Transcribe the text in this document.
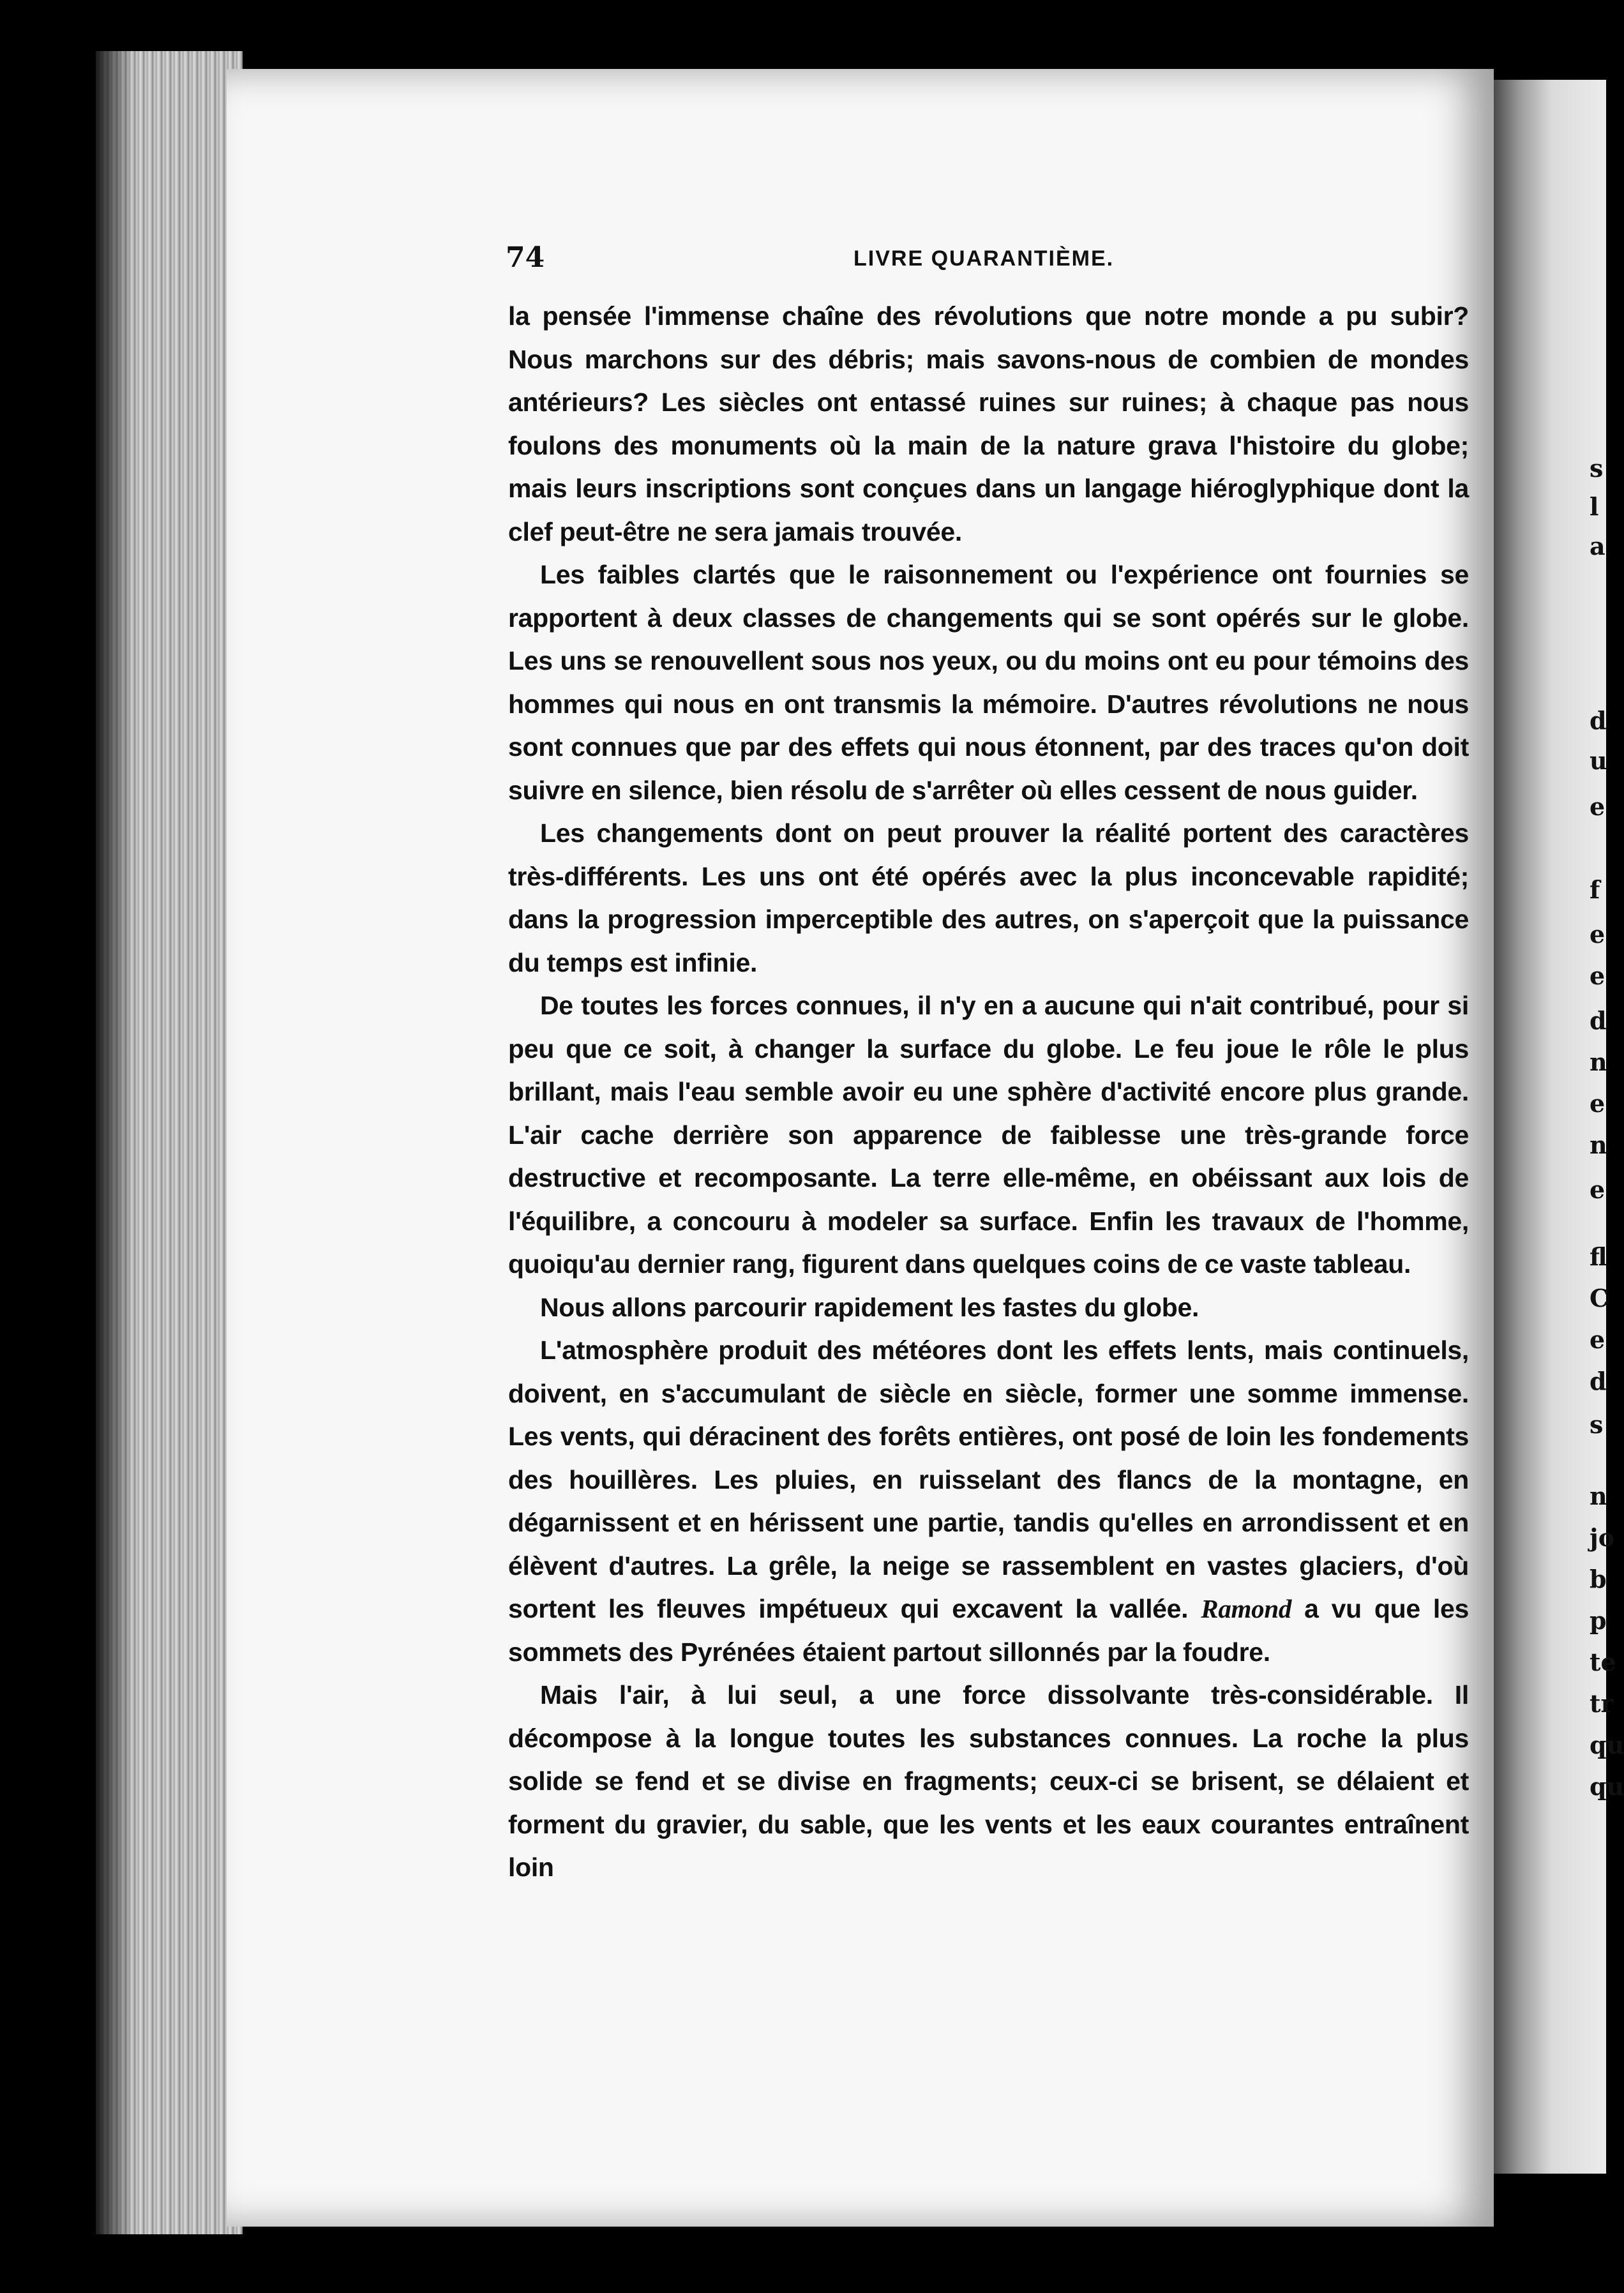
s
l
a
d
u
e
f
e
e
d
n
e
n
e
fl
C
e
d
s
n
jo
b
p
te
tr
qu
qu
74	LIVRE QUARANTIÈME.

la pensée l'immense chaîne des révolutions que notre monde a pu subir? Nous marchons sur des débris; mais savons-nous de combien de mondes antérieurs? Les siècles ont entassé ruines sur ruines; à chaque pas nous foulons des monuments où la main de la nature grava l'histoire du globe; mais leurs inscriptions sont conçues dans un langage hiéroglyphique dont la clef peut-être ne sera jamais trouvée.

Les faibles clartés que le raisonnement ou l'expérience ont fournies se rapportent à deux classes de changements qui se sont opérés sur le globe. Les uns se renouvellent sous nos yeux, ou du moins ont eu pour témoins des hommes qui nous en ont transmis la mémoire. D'autres révolutions ne nous sont connues que par des effets qui nous étonnent, par des traces qu'on doit suivre en silence, bien résolu de s'arrêter où elles cessent de nous guider.

Les changements dont on peut prouver la réalité portent des caractères très-différents. Les uns ont été opérés avec la plus inconcevable rapidité; dans la progression imperceptible des autres, on s'aperçoit que la puissance du temps est infinie.

De toutes les forces connues, il n'y en a aucune qui n'ait contribué, pour si peu que ce soit, à changer la surface du globe. Le feu joue le rôle le plus brillant, mais l'eau semble avoir eu une sphère d'activité encore plus grande. L'air cache derrière son apparence de faiblesse une très-grande force destructive et recomposante. La terre elle-même, en obéissant aux lois de l'équilibre, a concouru à modeler sa surface. Enfin les travaux de l'homme, quoiqu'au dernier rang, figurent dans quelques coins de ce vaste tableau.

Nous allons parcourir rapidement les fastes du globe.

L'atmosphère produit des météores dont les effets lents, mais continuels, doivent, en s'accumulant de siècle en siècle, former une somme immense. Les vents, qui déracinent des forêts entières, ont posé de loin les fondements des houillères. Les pluies, en ruisselant des flancs de la montagne, en dégarnissent et en hérissent une partie, tandis qu'elles en arrondissent et en élèvent d'autres. La grêle, la neige se rassemblent en vastes glaciers, d'où sortent les fleuves impétueux qui excavent la vallée. Ramond a vu que les sommets des Pyrénées étaient partout sillonnés par la foudre.

Mais l'air, à lui seul, a une force dissolvante très-considérable. Il décompose à la longue toutes les substances connues. La roche la plus solide se fend et se divise en fragments; ceux-ci se brisent, se délaient et forment du gravier, du sable, que les vents et les eaux courantes entraînent loin
